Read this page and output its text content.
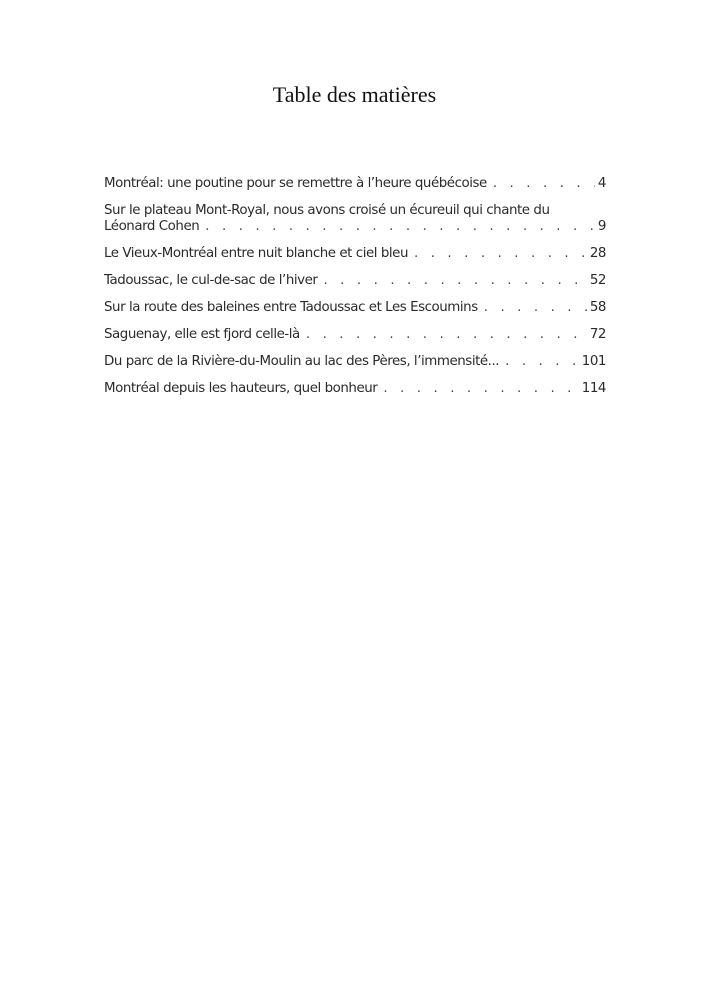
Table des matières
Montréal: une poutine pour se remettre à l’heure québécoise . . .	4
Sur le plateau Mont-Royal, nous avons croisé un écureuil qui chante du
Léonard Cohen . . .	9
Le Vieux-Montréal entre nuit blanche et ciel bleu . . .	28
Tadoussac, le cul-de-sac de l’hiver . . .	52
Sur la route des baleines entre Tadoussac et Les Escoumins . . .	58
Saguenay, elle est fjord celle-là . . .	72
Du parc de la Rivière-du-Moulin au lac des Pères, l’immensité... . . .	101
Montréal depuis les hauteurs, quel bonheur . . .	114
